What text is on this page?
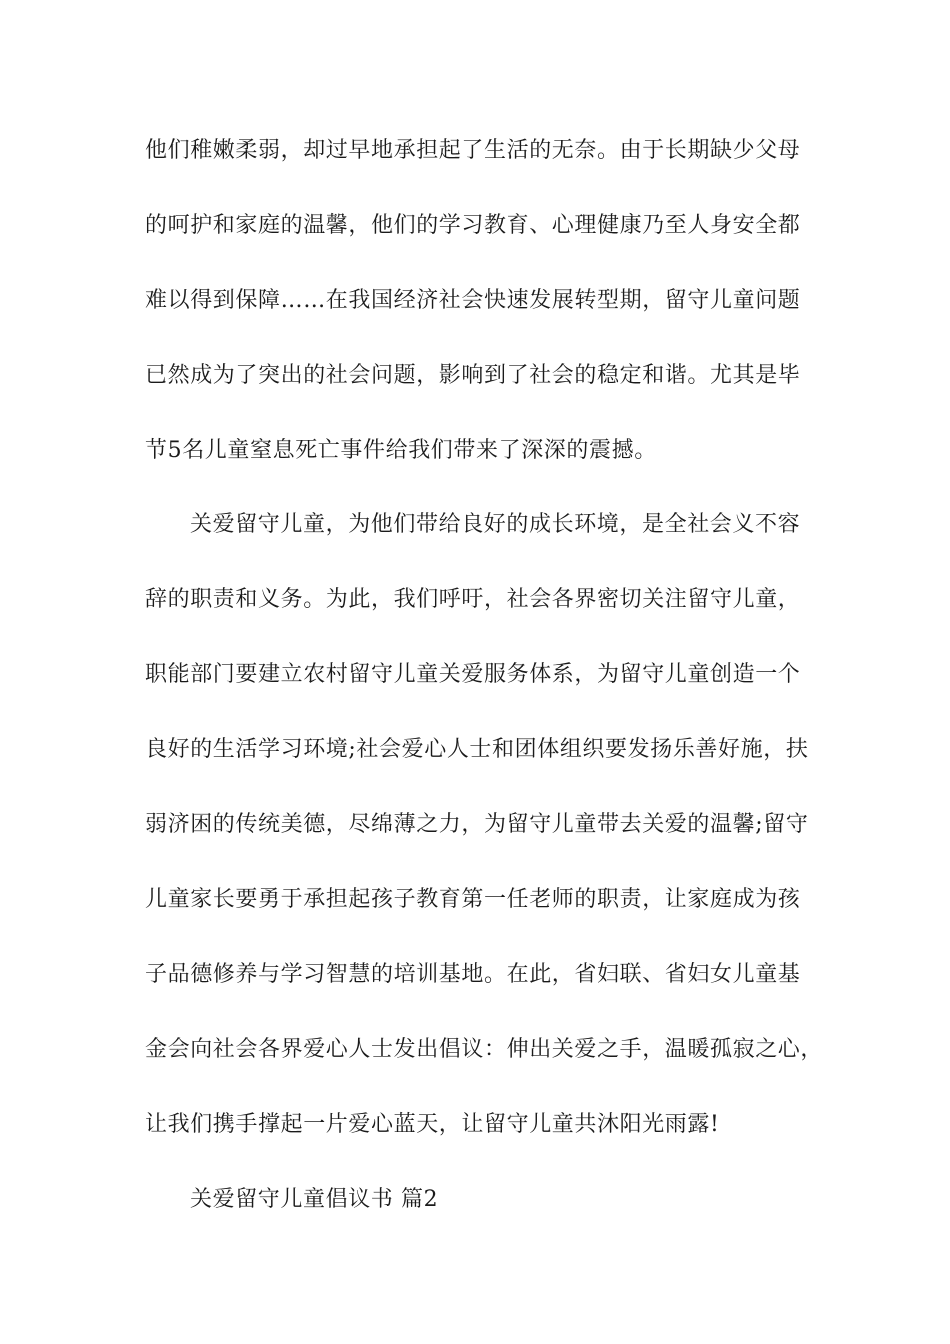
他们稚嫩柔弱，却过早地承担起了生活的无奈。由于长期缺少父母
的呵护和家庭的温馨，他们的学习教育、心理健康乃至人身安全都
难以得到保障……在我国经济社会快速发展转型期，留守儿童问题
已然成为了突出的社会问题，影响到了社会的稳定和谐。尤其是毕
节5名儿童窒息死亡事件给我们带来了深深的震撼。
关爱留守儿童，为他们带给良好的成长环境，是全社会义不容
辞的职责和义务。为此，我们呼吁，社会各界密切关注留守儿童，
职能部门要建立农村留守儿童关爱服务体系，为留守儿童创造一个
良好的生活学习环境;社会爱心人士和团体组织要发扬乐善好施，扶
弱济困的传统美德，尽绵薄之力，为留守儿童带去关爱的温馨;留守
儿童家长要勇于承担起孩子教育第一任老师的职责，让家庭成为孩
子品德修养与学习智慧的培训基地。在此，省妇联、省妇女儿童基
金会向社会各界爱心人士发出倡议：伸出关爱之手，温暖孤寂之心，
让我们携手撑起一片爱心蓝天，让留守儿童共沐阳光雨露!
关爱留守儿童倡议书 篇2
